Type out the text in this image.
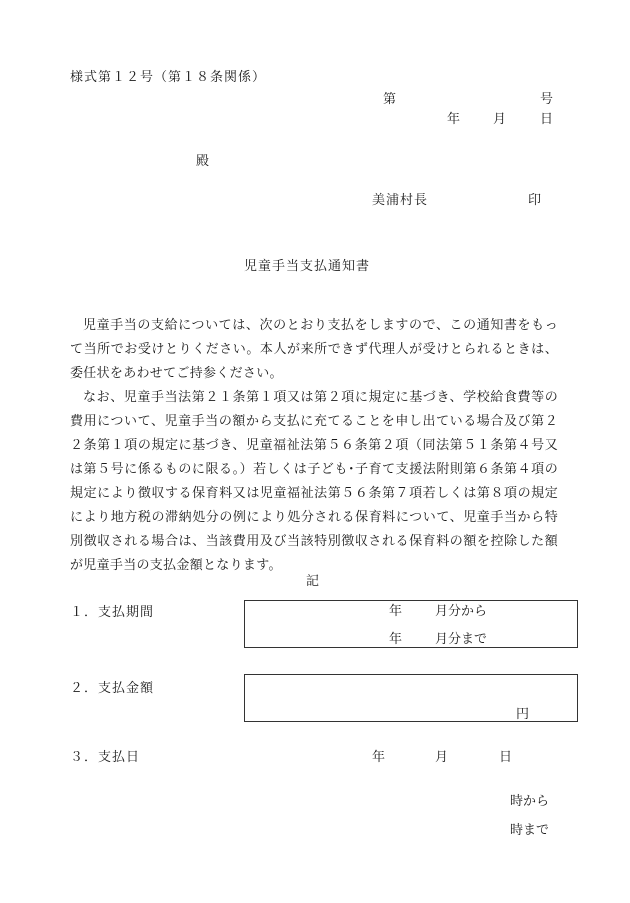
様式第１２号（第１８条関係）
第	号
年	月	日
殿
美浦村長	印
児童手当支払通知書

児童手当の支給については、次のとおり支払をしますので、この通知書をもって当所でお受けとりください。本人が来所できず代理人が受けとられるときは、委任状をあわせてご持参ください。

なお、児童手当法第２１条第１項又は第２項に規定に基づき、学校給食費等の費用について、児童手当の額から支払に充てることを申し出ている場合及び第２２条第１項の規定に基づき、児童福祉法第５６条第２項（同法第５１条第４号又は第５号に係るものに限る。）若しくは子ども･子育て支援法附則第６条第４項の規定により徴収する保育料又は児童福祉法第５６条第７項若しくは第８項の規定により地方税の滞納処分の例により処分される保育料について、児童手当から特別徴収される場合は、当該費用及び当該特別徴収される保育料の額を控除した額が児童手当の支払金額となります。

記
１．支払期間	年	月分から
年	月分まで
２．支払金額
円
３．支払日	年	月	日
時から
時まで
